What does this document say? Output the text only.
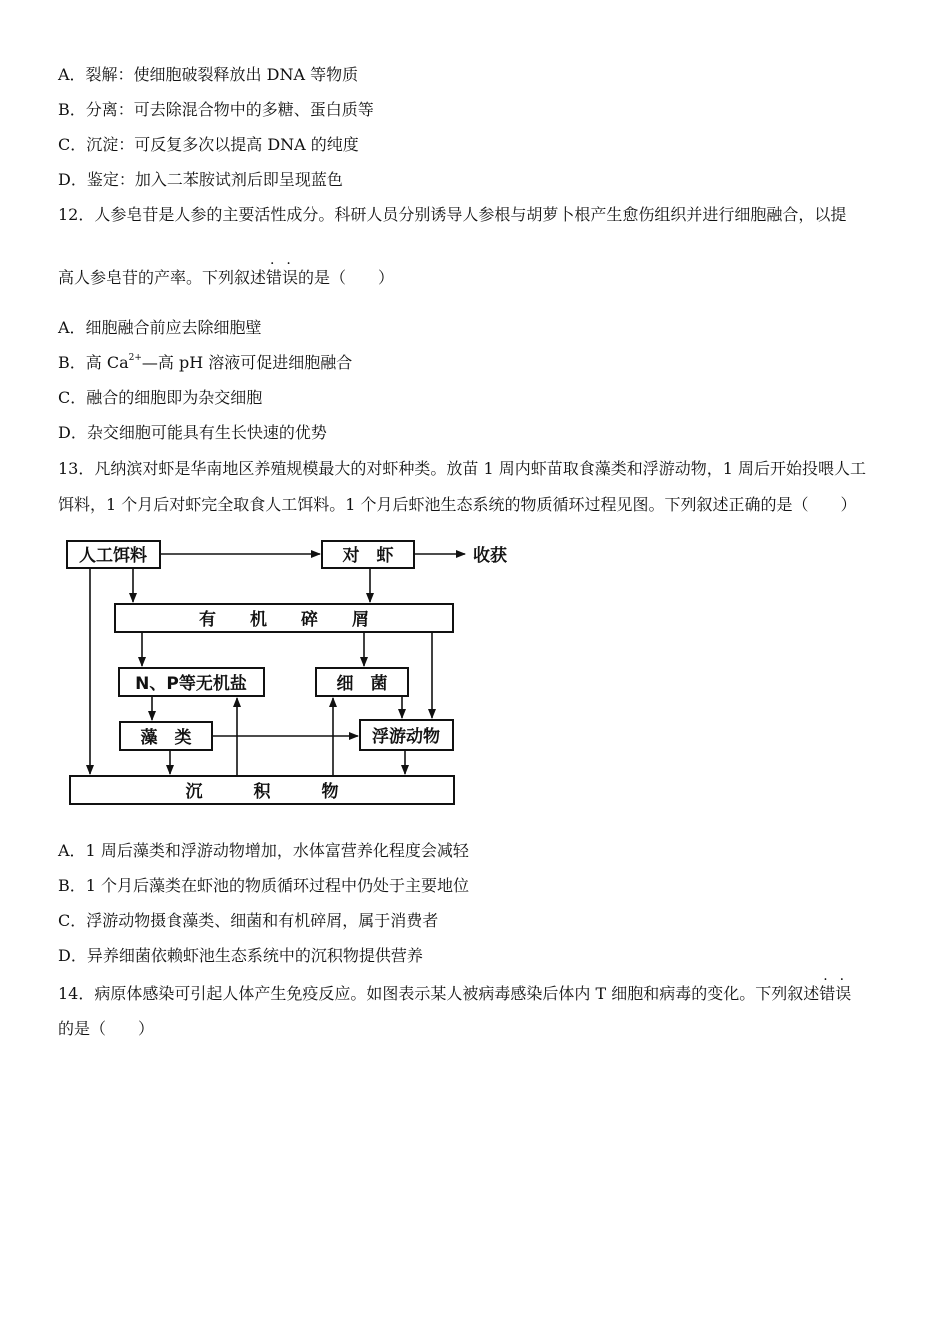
A．裂解：使细胞破裂释放出 DNA 等物质
B．分离：可去除混合物中的多糖、蛋白质等
C．沉淀：可反复多次以提高 DNA 的纯度
D．鉴定：加入二苯胺试剂后即呈现蓝色
12．人参皂苷是人参的主要活性成分。科研人员分别诱导人参根与胡萝卜根产生愈伤组织并进行细胞融合，以提
高人参皂苷的产率。下列叙述· · 错误的是（　　）
A．细胞融合前应去除细胞壁
B．高 $Ca^{2+}—$高 pH 溶液可促进细胞融合
C．融合的细胞即为杂交细胞
D．杂交细胞可能具有生长快速的优势
13．凡纳滨对虾是华南地区养殖规模最大的对虾种类。放苗 1 周内虾苗取食藻类和浮游动物，1 周后开始投喂人工
饵料，1 个月后对虾完全取食人工饵料。1 个月后虾池生态系统的物质循环过程见图。下列叙述正确的是（　　）
人工饵料	对　虾	收获
有　　机　　碎　　屑
N、P等无机盐	细　菌
藻　类	浮游动物
沉　　　积　　　物
A．1 周后藻类和浮游动物增加，水体富营养化程度会减轻
B．1 个月后藻类在虾池的物质循环过程中仍处于主要地位
C．浮游动物摄食藻类、细菌和有机碎屑，属于消费者
D．异养细菌依赖虾池生态系统中的沉积物提供营养
14．病原体感染可引起人体产生免疫反应。如图表示某人被病毒感染后体内 T 细胞和病毒的变化。下列叙述· · 错误
的是（　　）
